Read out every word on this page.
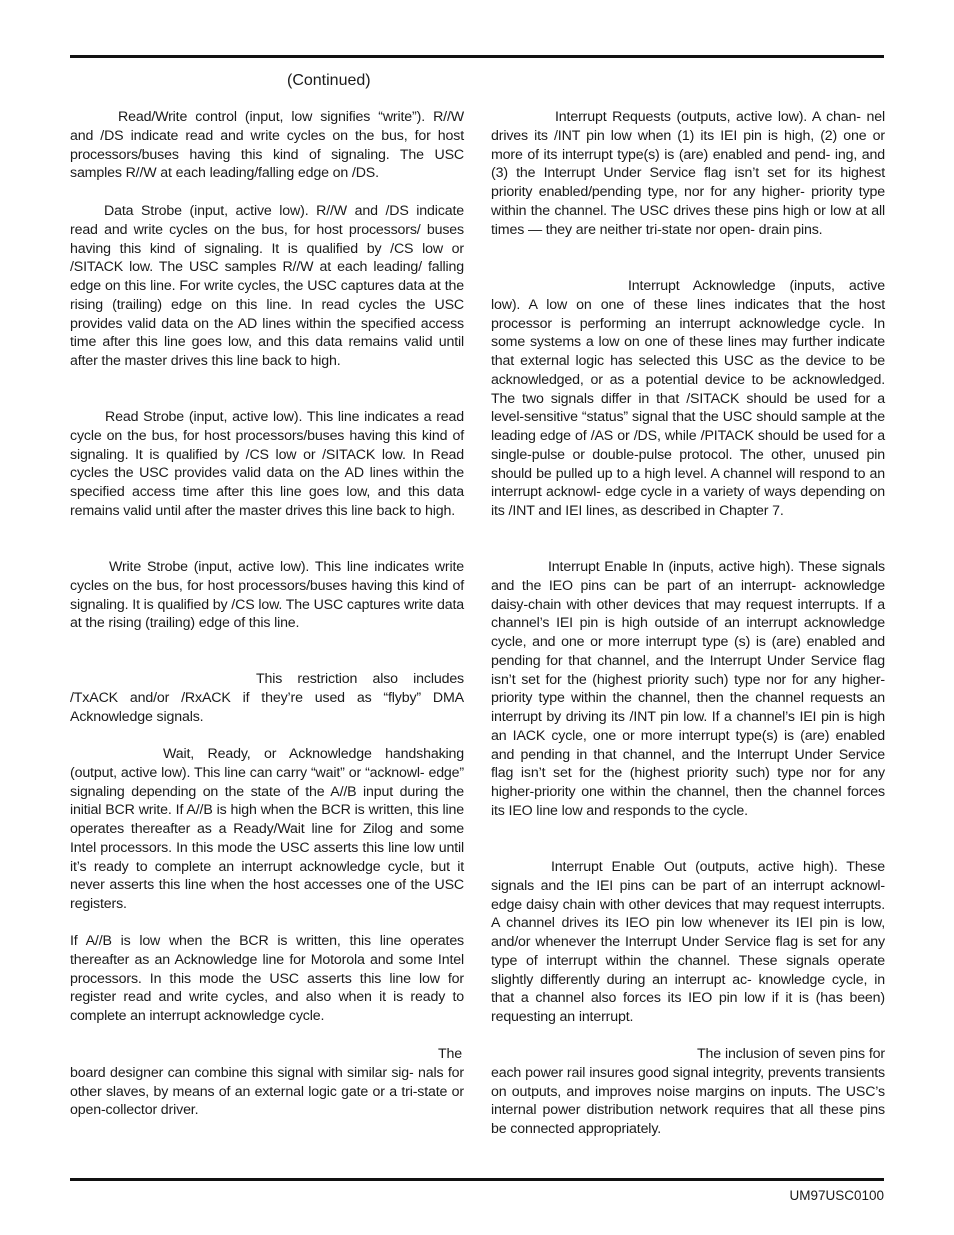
(Continued)

Read/Write control (input, low signifies “write”). R//W and /DS indicate read and write cycles on the bus, for host processors/buses having this kind of signaling. The USC samples R//W at each leading/falling edge on /DS.

Data Strobe (input, active low). R//W and /DS indicate read and write cycles on the bus, for host processors/ buses having this kind of signaling. It is qualified by /CS low or /SITACK low. The USC samples R//W at each leading/ falling edge on this line. For write cycles, the USC captures data at the rising (trailing) edge on this line. In read cycles the USC provides valid data on the AD lines within the specified access time after this line goes low, and this data remains valid until after the master drives this line back to high.

Read Strobe (input, active low). This line indicates a read cycle on the bus, for host processors/buses having this kind of signaling. It is qualified by /CS low or /SITACK low. In Read cycles the USC provides valid data on the AD lines within the specified access time after this line goes low, and this data remains valid until after the master drives this line back to high.

Write Strobe (input, active low). This line indicates write cycles on the bus, for host processors/buses having this kind of signaling. It is qualified by /CS low. The USC captures write data at the rising (trailing) edge of this line.

This restriction also includes /TxACK and/or /RxACK if they’re used as “flyby” DMA Acknowledge signals.

Wait, Ready, or Acknowledge handshaking (output, active low). This line can carry “wait” or “acknowl- edge” signaling depending on the state of the A//B input during the initial BCR write. If A//B is high when the BCR is written, this line operates thereafter as a Ready/Wait line for Zilog and some Intel processors. In this mode the USC asserts this line low until it’s ready to complete an interrupt acknowledge cycle, but it never asserts this line when the host accesses one of the USC registers.

If A//B is low when the BCR is written, this line operates thereafter as an Acknowledge line for Motorola and some Intel processors. In this mode the USC asserts this line low for register read and write cycles, and also when it is ready to complete an interrupt acknowledge cycle.

The board designer can combine this signal with similar sig- nals for other slaves, by means of an external logic gate or a tri-state or open-collector driver.

Interrupt Requests (outputs, active low). A chan- nel drives its /INT pin low when (1) its IEI pin is high, (2) one or more of its interrupt type(s) is (are) enabled and pend- ing, and (3) the Interrupt Under Service flag isn’t set for its highest priority enabled/pending type, nor for any higher- priority type within the channel. The USC drives these pins high or low at all times — they are neither tri-state nor open- drain pins.

Interrupt Acknowledge (inputs, active low). A low on one of these lines indicates that the host processor is performing an interrupt acknowledge cycle. In some systems a low on one of these lines may further indicate that external logic has selected this USC as the device to be acknowledged, or as a potential device to be acknowledged. The two signals differ in that /SITACK should be used for a level-sensitive “status” signal that the USC should sample at the leading edge of /AS or /DS, while /PITACK should be used for a single-pulse or double-pulse protocol. The other, unused pin should be pulled up to a high level. A channel will respond to an interrupt acknowl- edge cycle in a variety of ways depending on its /INT and IEI lines, as described in Chapter 7.

Interrupt Enable In (inputs, active high). These signals and the IEO pins can be part of an interrupt- acknowledge daisy-chain with other devices that may request interrupts. If a channel’s IEI pin is high outside of an interrupt acknowledge cycle, and one or more interrupt type (s) is (are) enabled and pending for that channel, and the Interrupt Under Service flag isn’t set for the (highest priority such) type nor for any higher-priority type within the channel, then the channel requests an interrupt by driving its /INT pin low. If a channel’s IEI pin is high an IACK cycle, one or more interrupt type(s) is (are) enabled and pending in that channel, and the Interrupt Under Service flag isn’t set for the (highest priority such) type nor for any higher-priority one within the channel, then the channel forces its IEO line low and responds to the cycle.

Interrupt Enable Out (outputs, active high). These signals and the IEI pins can be part of an interrupt acknowl- edge daisy chain with other devices that may request interrupts. A channel drives its IEO pin low whenever its IEI pin is low, and/or whenever the Interrupt Under Service flag is set for any type of interrupt within the channel. These signals operate slightly differently during an interrupt ac- knowledge cycle, in that a channel also forces its IEO pin low if it is (has been) requesting an interrupt.

The inclusion of seven pins for each power rail insures good signal integrity, prevents transients on outputs, and improves noise margins on inputs. The USC’s internal power distribution network requires that all these pins be connected appropriately.

UM97USC0100
